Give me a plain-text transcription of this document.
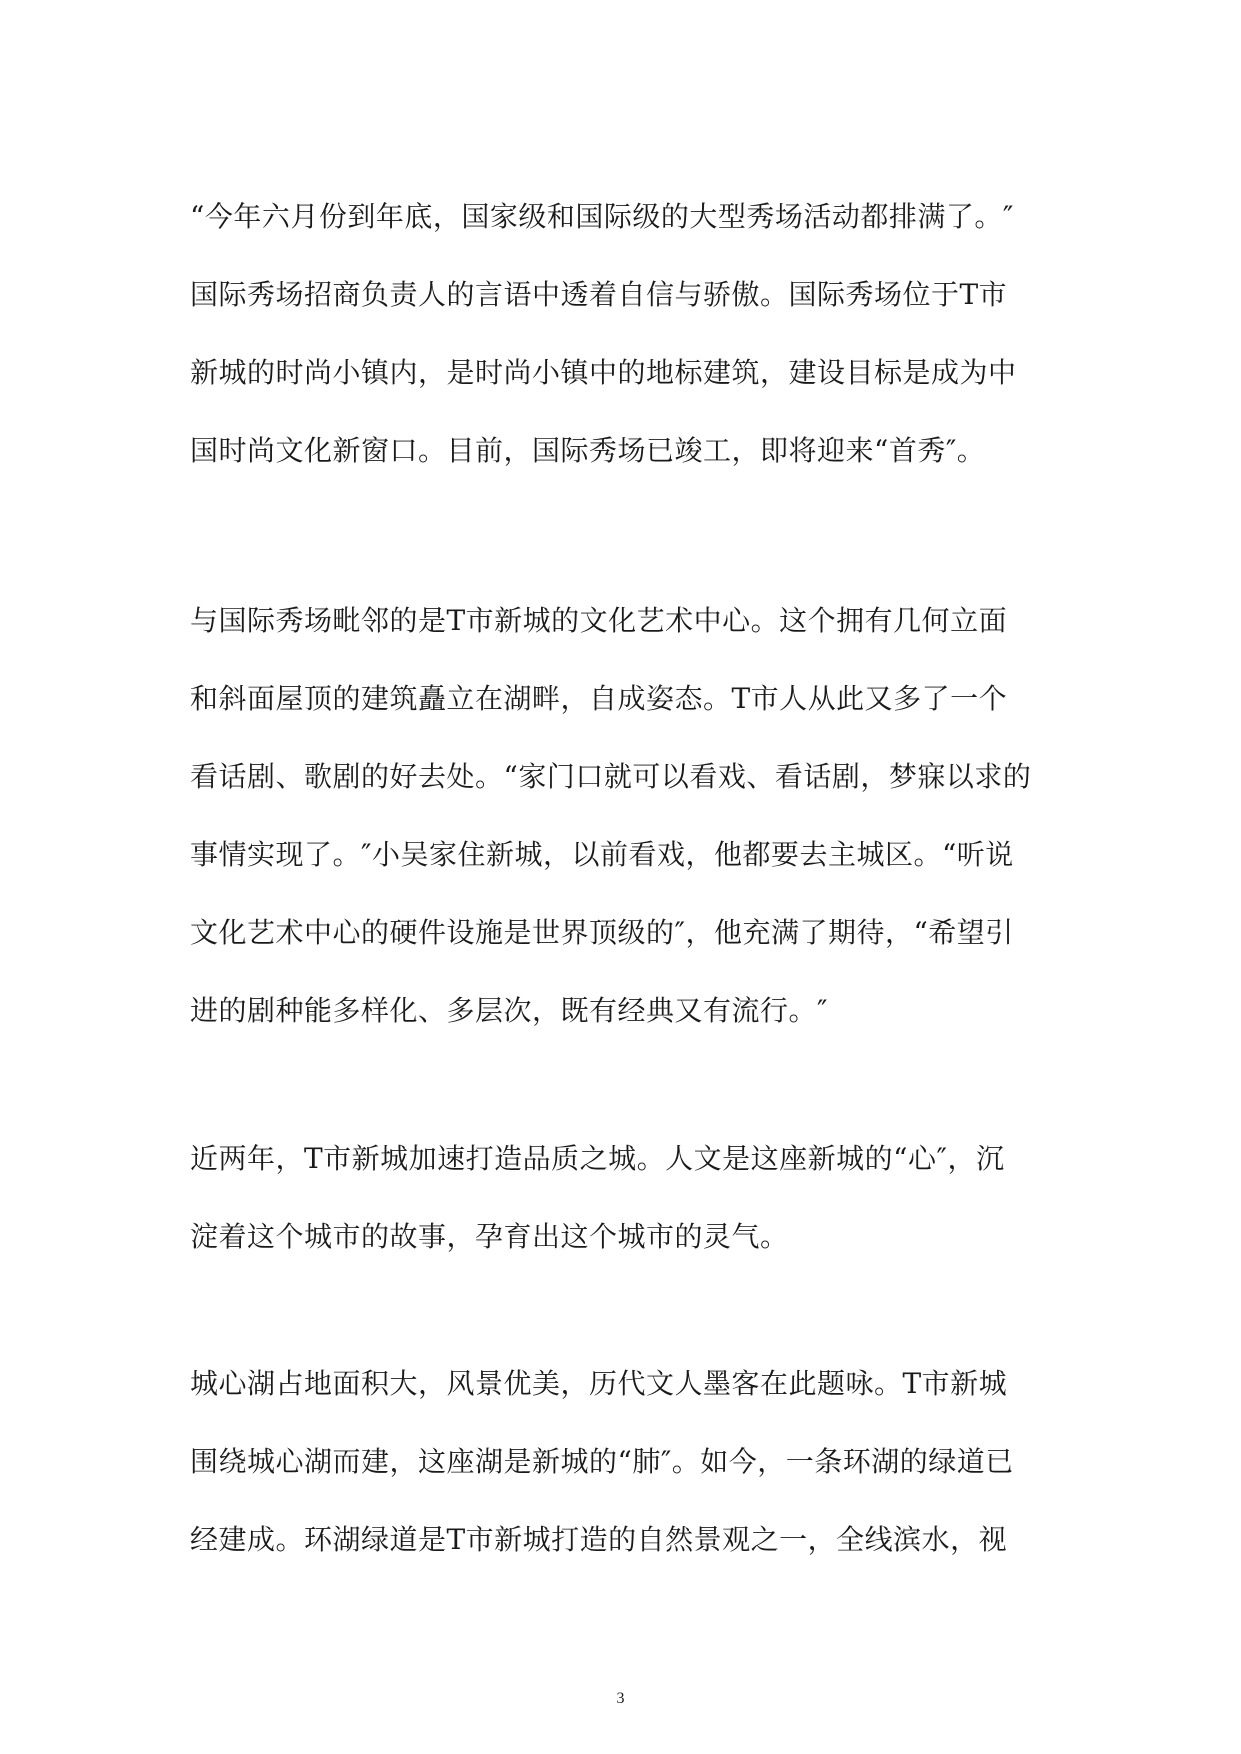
“今年六月份到年底，国家级和国际级的大型秀场活动都排满了。″
国际秀场招商负责人的言语中透着自信与骄傲。国际秀场位于T市
新城的时尚小镇内，是时尚小镇中的地标建筑，建设目标是成为中
国时尚文化新窗口。目前，国际秀场已竣工，即将迎来“首秀″。
与国际秀场毗邻的是T市新城的文化艺术中心。这个拥有几何立面
和斜面屋顶的建筑矗立在湖畔，自成姿态。T市人从此又多了一个
看话剧、歌剧的好去处。“家门口就可以看戏、看话剧，梦寐以求的
事情实现了。″小吴家住新城，以前看戏，他都要去主城区。“听说
文化艺术中心的硬件设施是世界顶级的″，他充满了期待，“希望引
进的剧种能多样化、多层次，既有经典又有流行。″
近两年，T市新城加速打造品质之城。人文是这座新城的“心″，沉
淀着这个城市的故事，孕育出这个城市的灵气。
城心湖占地面积大，风景优美，历代文人墨客在此题咏。T市新城
围绕城心湖而建，这座湖是新城的“肺″。如今，一条环湖的绿道已
经建成。环湖绿道是T市新城打造的自然景观之一，全线滨水，视
3
